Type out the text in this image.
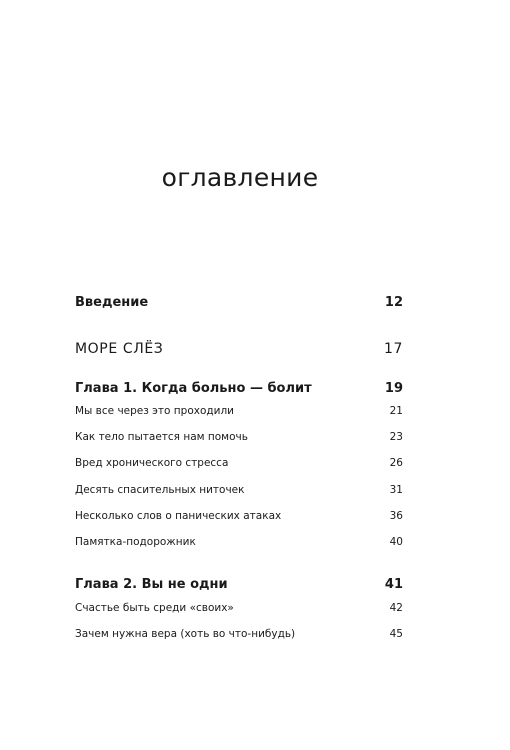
оглавление
Введение	12
МОРЕ СЛЁЗ	17
Глава 1. Когда больно — болит	19
Мы все через это проходили	21
Как тело пытается нам помочь	23
Вред хронического стресса	26
Десять спасительных ниточек	31
Несколько слов о панических атаках	36
Памятка-подорожник	40
Глава 2. Вы не одни	41
Счастье быть среди «своих»	42
Зачем нужна вера (хоть во что-нибудь)	45
